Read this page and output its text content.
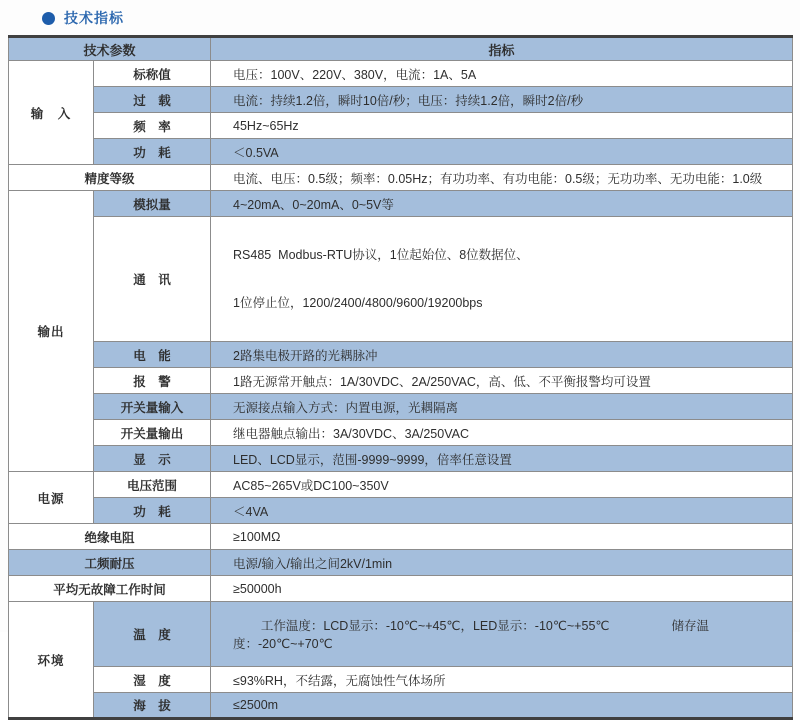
技术指标
技术参数		指标
输　入	标称值	电压：100V、220V、380V，电流：1A、5A
	过　载	电流：持续1.2倍，瞬时10倍/秒；电压：持续1.2倍，瞬时2倍/秒
	频　率	45Hz~65Hz
	功　耗	＜0.5VA
精度等级		电流、电压：0.5级；频率：0.05Hz；有功功率、有功电能：0.5级；无功功率、无功电能：1.0级
输出	模拟量	4~20mA、0~20mA、0~5V等
	通　讯	RS485  Modbus-RTU协议，1位起始位、8位数据位、

1位停止位，1200/2400/4800/9600/19200bps

	电　能	2路集电极开路的光耦脉冲
	报　警	1路无源常开触点：1A/30VDC、2A/250VAC，高、低、不平衡报警均可设置
	开关量输入	无源接点输入方式：内置电源，光耦隔离
	开关量输出	继电器触点输出：3A/30VDC、3A/250VAC
	显　示	LED、LCD显示，范围-9999~9999，倍率任意设置
电源	电压范围	AC85~265V或DC100~350V
	功　耗	＜4VA
绝缘电阻		≥100MΩ
工频耐压		电源/输入/输出之间2kV/1min
平均无故障工作时间		≥50000h
环境	温　度	工作温度：LCD显示：-10℃~+45℃，LED显示：-10℃~+55℃ 储存温度：-20℃~+70℃

	湿　度	≤93%RH，不结露，无腐蚀性气体场所
	海　拔	≤2500m
